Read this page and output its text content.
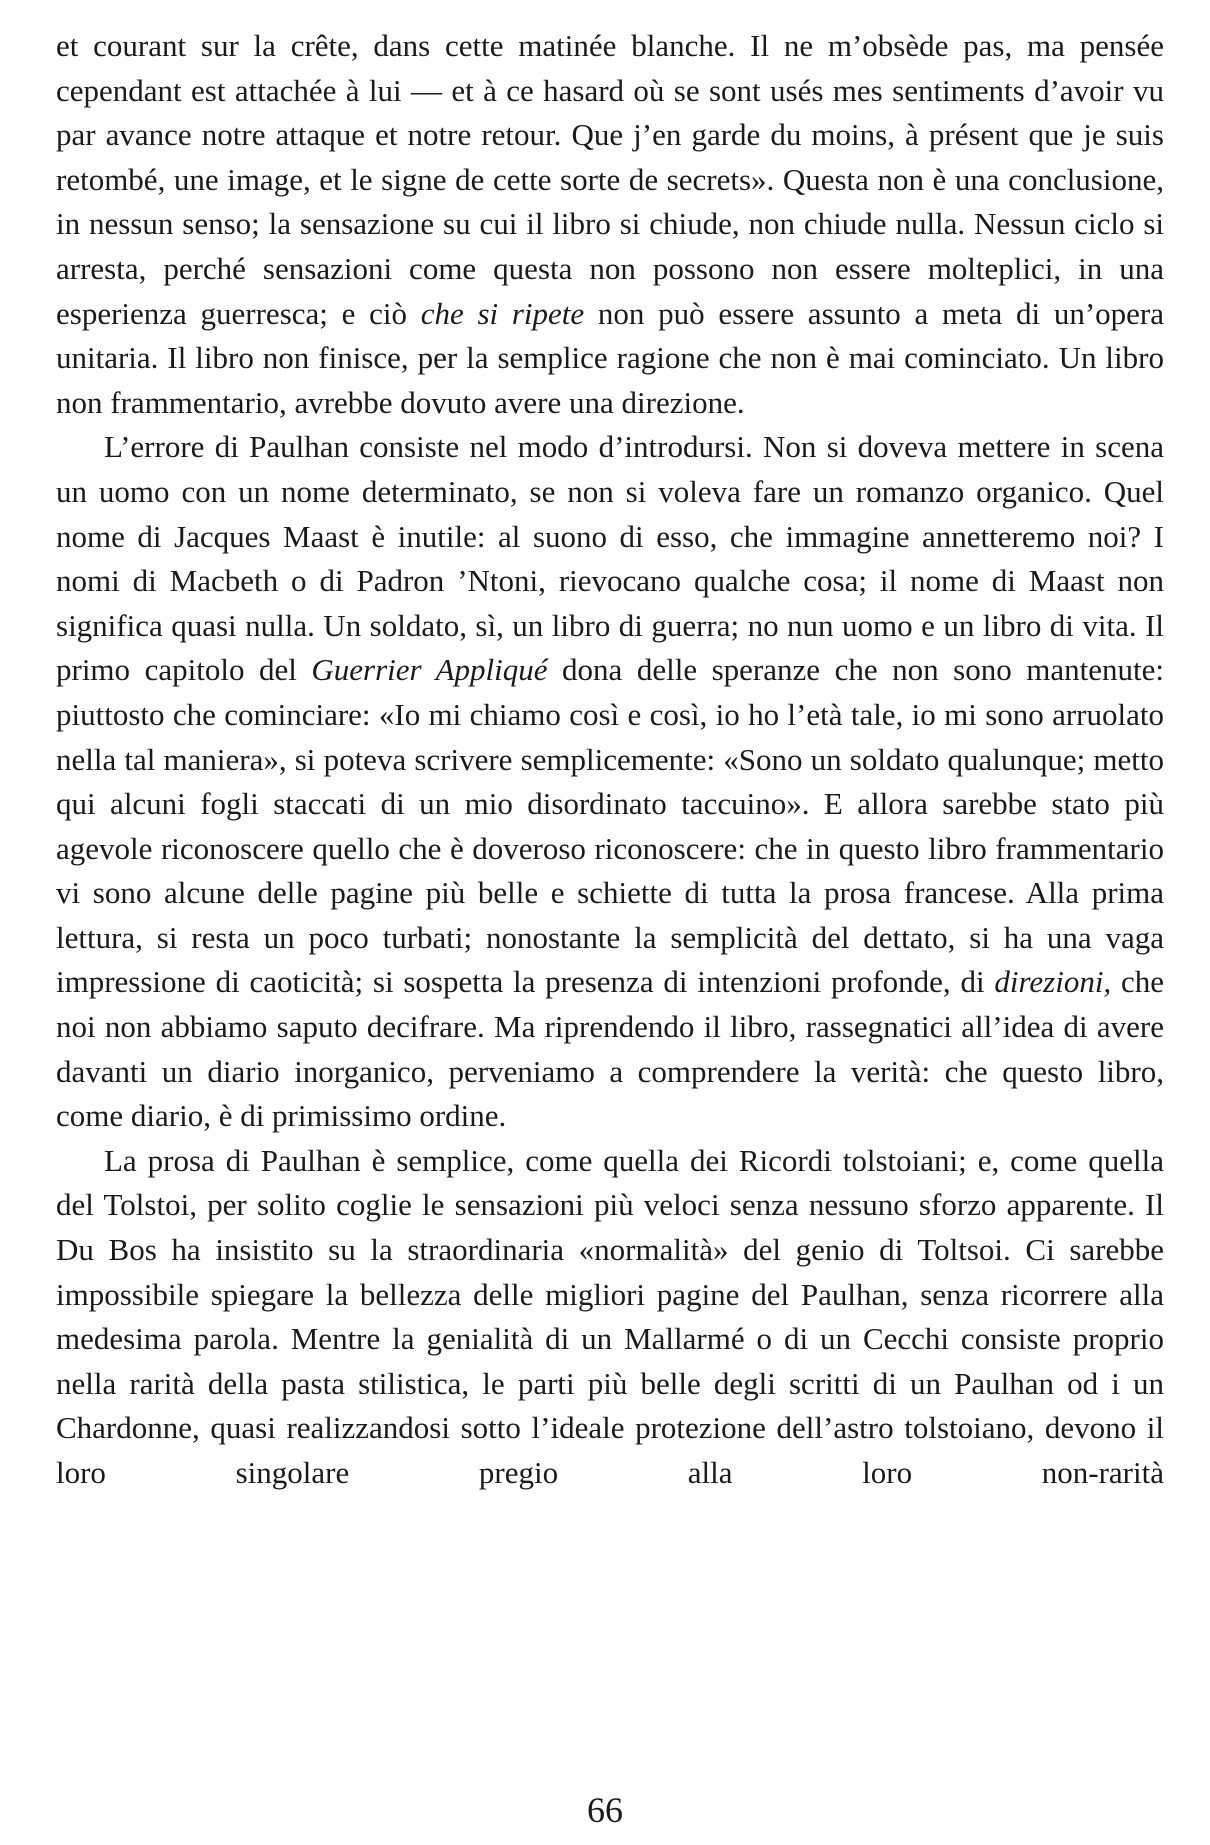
et courant sur la crête, dans cette matinée blanche. Il ne m’obsède pas, ma pensée cependant est attachée à lui — et à ce hasard où se sont usés mes sentiments d’avoir vu par avance notre attaque et notre retour. Que j’en garde du moins, à présent que je suis retombé, une image, et le signe de cette sorte de secrets». Questa non è una conclusione, in nessun senso; la sensazione su cui il libro si chiude, non chiude nulla. Nessun ciclo si arresta, perché sensazioni come questa non possono non essere molteplici, in una esperienza guerresca; e ciò che si ripete non può essere assunto a meta di un’opera unitaria. Il libro non finisce, per la semplice ragione che non è mai cominciato. Un libro non frammentario, avrebbe dovuto avere una direzione.

L’errore di Paulhan consiste nel modo d’introdursi. Non si doveva mettere in scena un uomo con un nome determinato, se non si voleva fare un romanzo organico. Quel nome di Jacques Maast è inutile: al suono di esso, che immagine annetteremo noi? I nomi di Macbeth o di Padron ’Ntoni, rievocano qualche cosa; il nome di Maast non significa quasi nulla. Un soldato, sì, un libro di guerra; no nun uomo e un libro di vita. Il primo capitolo del Guerrier Appliqué dona delle speranze che non sono mantenute: piuttosto che cominciare: «Io mi chiamo così e così, io ho l’età tale, io mi sono arruolato nella tal maniera», si poteva scrivere semplicemente: «Sono un soldato qualunque; metto qui alcuni fogli staccati di un mio disordinato taccuino». E allora sarebbe stato più agevole riconoscere quello che è doveroso riconoscere: che in questo libro frammentario vi sono alcune delle pagine più belle e schiette di tutta la prosa francese. Alla prima lettura, si resta un poco turbati; nonostante la semplicità del dettato, si ha una vaga impressione di caoticità; si sospetta la presenza di intenzioni profonde, di direzioni, che noi non abbiamo saputo decifrare. Ma riprendendo il libro, rassegnatici all’idea di avere davanti un diario inorganico, perveniamo a comprendere la verità: che questo libro, come diario, è di primissimo ordine.

La prosa di Paulhan è semplice, come quella dei Ricordi tolstoiani; e, come quella del Tolstoi, per solito coglie le sensazioni più veloci senza nessuno sforzo apparente. Il Du Bos ha insistito su la straordinaria «normalità» del genio di Toltsoi. Ci sarebbe impossibile spiegare la bellezza delle migliori pagine del Paulhan, senza ricorrere alla medesima parola. Mentre la genialità di un Mallarmé o di un Cecchi consiste proprio nella rarità della pasta stilistica, le parti più belle degli scritti di un Paulhan od i un Chardonne, quasi realizzandosi sotto l’ideale protezione dell’astro tolstoiano, devono il loro singolare pregio alla loro non-rarità

66
